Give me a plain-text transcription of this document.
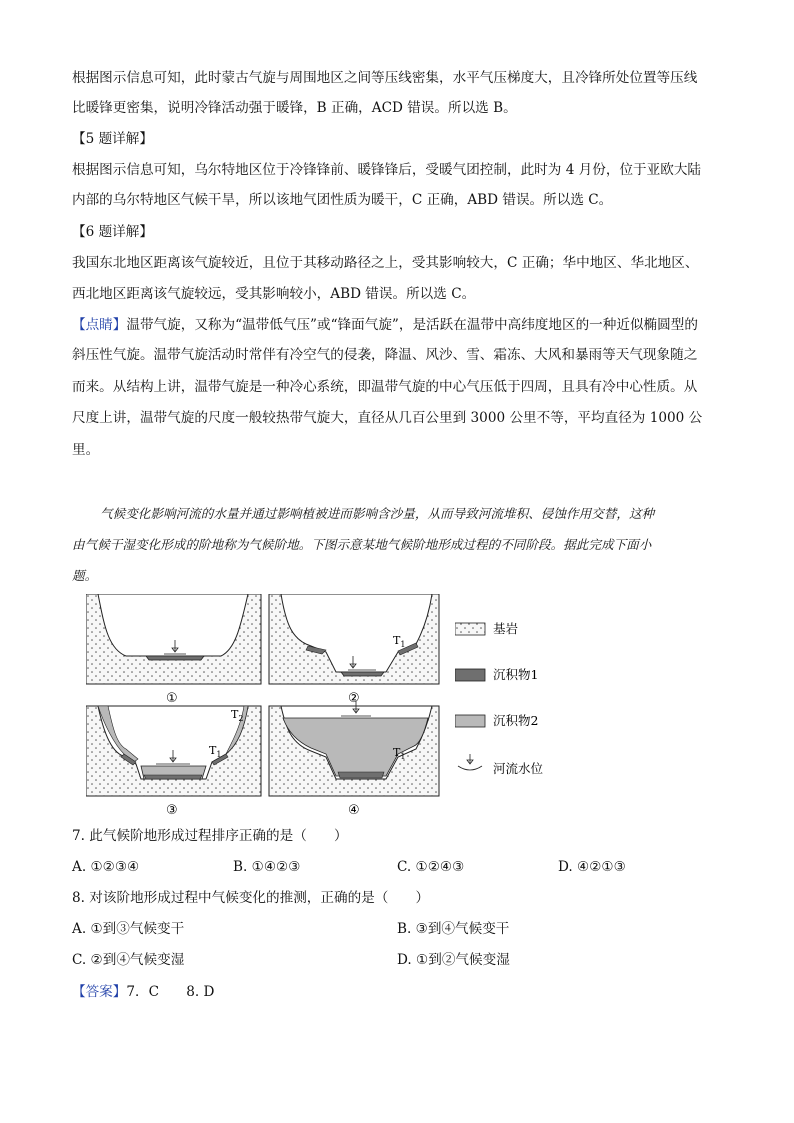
根据图示信息可知，此时蒙古气旋与周围地区之间等压线密集，水平气压梯度大，且冷锋所处位置等压线
比暖锋更密集，说明冷锋活动强于暖锋，B 正确，ACD 错误。所以选 B。
【5 题详解】
根据图示信息可知，乌尔特地区位于冷锋锋前、暖锋锋后，受暖气团控制，此时为 4 月份，位于亚欧大陆
内部的乌尔特地区气候干旱，所以该地气团性质为暖干，C 正确，ABD 错误。所以选 C。
【6 题详解】
我国东北地区距离该气旋较近，且位于其移动路径之上，受其影响较大，C 正确；华中地区、华北地区、
西北地区距离该气旋较远，受其影响较小，ABD 错误。所以选 C。
【点睛】温带气旋，又称为“温带低气压”或“锋面气旋”，是活跃在温带中高纬度地区的一种近似椭圆型的
斜压性气旋。温带气旋活动时常伴有冷空气的侵袭，降温、风沙、雪、霜冻、大风和暴雨等天气现象随之
而来。从结构上讲，温带气旋是一种冷心系统，即温带气旋的中心气压低于四周，且具有冷中心性质。从
尺度上讲，温带气旋的尺度一般较热带气旋大，直径从几百公里到 3000 公里不等，平均直径为 1000 公
里。
气候变化影响河流的水量并通过影响植被进而影响含沙量，从而导致河流堆积、侵蚀作用交替，这种
由气候干湿变化形成的阶地称为气候阶地。下图示意某地气候阶地形成过程的不同阶段。据此完成下面小
题。
$T_1$
$T_1$
$T_2$
$T_1$
①	②
③	④
基岩
沉积物1
沉积物2
河流水位
7. 此气候阶地形成过程排序正确的是（　　）
A. ①②③④	B. ①④②③	C. ①②④③	D. ④②①③
8. 对该阶地形成过程中气候变化的推测，正确的是（　　）
A. ①到③气候变干	B. ③到④气候变干
C. ②到④气候变湿	D. ①到②气候变湿
【答案】7．C　　8. D
